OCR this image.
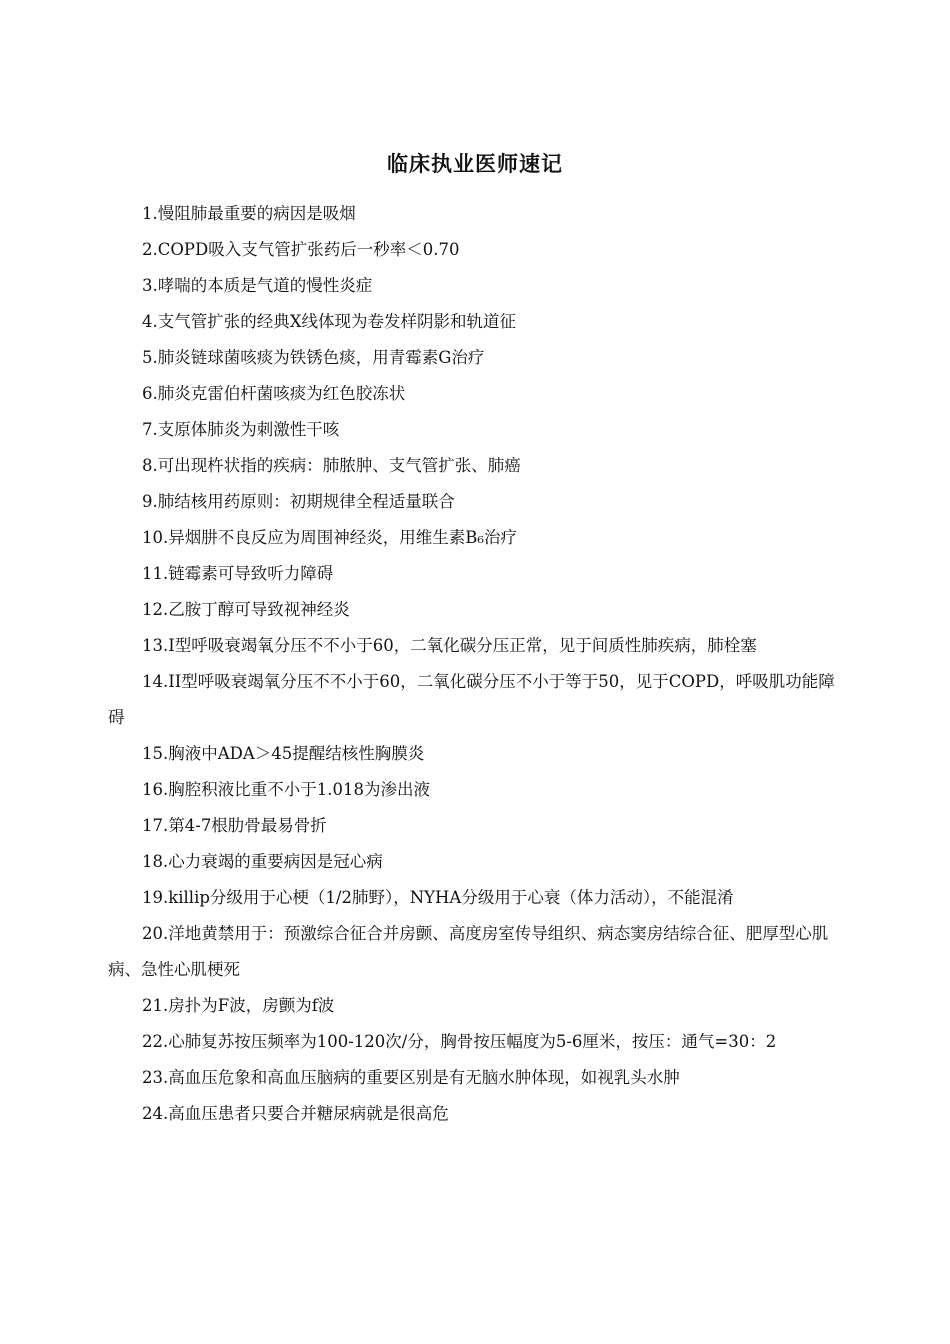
临床执业医师速记
1.慢阻肺最重要的病因是吸烟
2.COPD吸入支气管扩张药后一秒率＜0.70
3.哮喘的本质是气道的慢性炎症
4.支气管扩张的经典X线体现为卷发样阴影和轨道征
5.肺炎链球菌咳痰为铁锈色痰，用青霉素G治疗
6.肺炎克雷伯杆菌咳痰为红色胶冻状
7.支原体肺炎为刺激性干咳
8.可出现杵状指的疾病：肺脓肿、支气管扩张、肺癌
9.肺结核用药原则：初期规律全程适量联合
10.异烟肼不良反应为周围神经炎，用维生素B₆治疗
11.链霉素可导致听力障碍
12.乙胺丁醇可导致视神经炎
13.I型呼吸衰竭氧分压不不小于60，二氧化碳分压正常，见于间质性肺疾病，肺栓塞
14.II型呼吸衰竭氧分压不不小于60，二氧化碳分压不小于等于50，见于COPD，呼吸肌功能障碍
15.胸液中ADA＞45提醒结核性胸膜炎
16.胸腔积液比重不小于1.018为渗出液
17.第4-7根肋骨最易骨折
18.心力衰竭的重要病因是冠心病
19.killip分级用于心梗（1/2肺野），NYHA分级用于心衰（体力活动），不能混淆
20.洋地黄禁用于：预激综合征合并房颤、高度房室传导组织、病态窦房结综合征、肥厚型心肌病、急性心肌梗死
21.房扑为F波，房颤为f波
22.心肺复苏按压频率为100-120次/分，胸骨按压幅度为5-6厘米，按压：通气=30：2
23.高血压危象和高血压脑病的重要区别是有无脑水肿体现，如视乳头水肿
24.高血压患者只要合并糖尿病就是很高危
